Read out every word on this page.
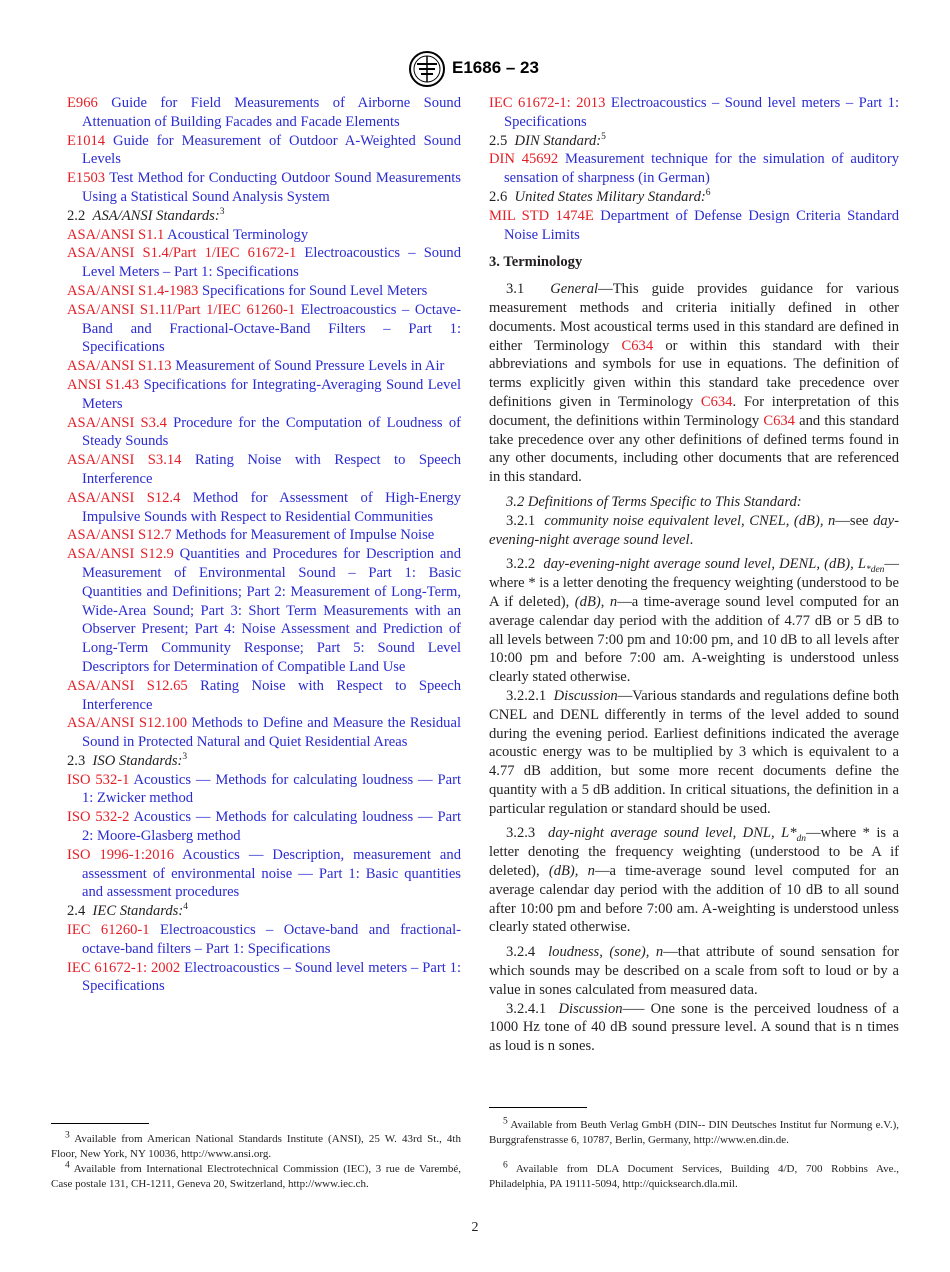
E1686 – 23
E966 Guide for Field Measurements of Airborne Sound Attenuation of Building Facades and Facade Elements
E1014 Guide for Measurement of Outdoor A-Weighted Sound Levels
E1503 Test Method for Conducting Outdoor Sound Measurements Using a Statistical Sound Analysis System
2.2 ASA/ANSI Standards:$^3$
ASA/ANSI S1.1 Acoustical Terminology
ASA/ANSI S1.4/Part 1/IEC 61672-1 Electroacoustics – Sound Level Meters – Part 1: Specifications
ASA/ANSI S1.4-1983 Specifications for Sound Level Meters
ASA/ANSI S1.11/Part 1/IEC 61260-1 Electroacoustics – Octave-Band and Fractional-Octave-Band Filters – Part 1: Specifications
ASA/ANSI S1.13 Measurement of Sound Pressure Levels in Air
ANSI S1.43 Specifications for Integrating-Averaging Sound Level Meters
ASA/ANSI S3.4 Procedure for the Computation of Loudness of Steady Sounds
ASA/ANSI S3.14 Rating Noise with Respect to Speech Interference
ASA/ANSI S12.4 Method for Assessment of High-Energy Impulsive Sounds with Respect to Residential Communities
ASA/ANSI S12.7 Methods for Measurement of Impulse Noise
ASA/ANSI S12.9 Quantities and Procedures for Description and Measurement of Environmental Sound – Part 1: Basic Quantities and Definitions; Part 2: Measurement of Long-Term, Wide-Area Sound; Part 3: Short Term Measurements with an Observer Present; Part 4: Noise Assessment and Prediction of Long-Term Community Response; Part 5: Sound Level Descriptors for Determination of Compatible Land Use
ASA/ANSI S12.65 Rating Noise with Respect to Speech Interference
ASA/ANSI S12.100 Methods to Define and Measure the Residual Sound in Protected Natural and Quiet Residential Areas
2.3 ISO Standards:$^3$
ISO 532-1 Acoustics — Methods for calculating loudness — Part 1: Zwicker method
ISO 532-2 Acoustics — Methods for calculating loudness — Part 2: Moore-Glasberg method
ISO 1996-1:2016 Acoustics — Description, measurement and assessment of environmental noise — Part 1: Basic quantities and assessment procedures
2.4 IEC Standards:$^4$
IEC 61260-1 Electroacoustics – Octave-band and fractional-octave-band filters – Part 1: Specifications
IEC 61672-1: 2002 Electroacoustics – Sound level meters – Part 1: Specifications
IEC 61672-1: 2013 Electroacoustics – Sound level meters – Part 1: Specifications
2.5 DIN Standard:$^5$
DIN 45692 Measurement technique for the simulation of auditory sensation of sharpness (in German)
2.6 United States Military Standard:$^6$
MIL STD 1474E Department of Defense Design Criteria Standard Noise Limits
3. Terminology

3.1 General—This guide provides guidance for various measurement methods and criteria initially defined in other documents. Most acoustical terms used in this standard are defined in either Terminology C634 or within this standard with their abbreviations and symbols for use in equations. The definition of terms explicitly given within this standard take precedence over definitions given in Terminology C634. For interpretation of this document, the definitions within Terminology C634 and this standard take precedence over any other definitions of defined terms found in any other documents, including other documents that are referenced in this standard.

3.2 Definitions of Terms Specific to This Standard:

3.2.1 community noise equivalent level, CNEL, (dB), n—see day-evening-night average sound level.

3.2.2 day-evening-night average sound level, DENL, (dB), $L_{*den}—where$ * is a letter denoting the frequency weighting (understood to be A if deleted), (dB), n—a time-average sound level computed for an average calendar day period with the addition of 4.77 dB or 5 dB to all levels between 7:00 pm and 10:00 pm, and 10 dB to all levels after 10:00 pm and before 7:00 am. A-weighting is understood unless clearly stated otherwise.

3.2.2.1 Discussion—Various standards and regulations define both CNEL and DENL differently in terms of the level added to sound during the evening period. Earliest definitions indicated the average acoustic energy was to be multiplied by 3 which is equivalent to a 4.77 dB addition, but some more recent documents define the quantity with a 5 dB addition. In critical situations, the definition in a particular regulation or standard should be used.

3.2.3 day-night average sound level, DNL, $L*_{dn}—where$ * is a letter denoting the frequency weighting (understood to be A if deleted), (dB), n—a time-average sound level computed for an average calendar day period with the addition of 10 dB to all sound after 10:00 pm and before 7:00 am. A-weighting is understood unless clearly stated otherwise.

3.2.4 loudness, (sone), n—that attribute of sound sensation for which sounds may be described on a scale from soft to loud or by a value in sones calculated from measured data.

3.2.4.1 Discussion—– One sone is the perceived loudness of a 1000 Hz tone of 40 dB sound pressure level. A sound that is n times as loud is n sones.

$^3$ Available from American National Standards Institute (ANSI), 25 W. 43rd St., 4th Floor, New York, NY 10036, http://www.ansi.org.
$^4$ Available from International Electrotechnical Commission (IEC), 3 rue de Varembé, Case postale 131, CH-1211, Geneva 20, Switzerland, http://www.iec.ch.
$^5$ Available from Beuth Verlag GmbH (DIN-- DIN Deutsches Institut fur Normung e.V.), Burggrafenstrasse 6, 10787, Berlin, Germany, http://www.en.din.de.
$^6$ Available from DLA Document Services, Building 4/D, 700 Robbins Ave., Philadelphia, PA 19111-5094, http://quicksearch.dla.mil.
2
